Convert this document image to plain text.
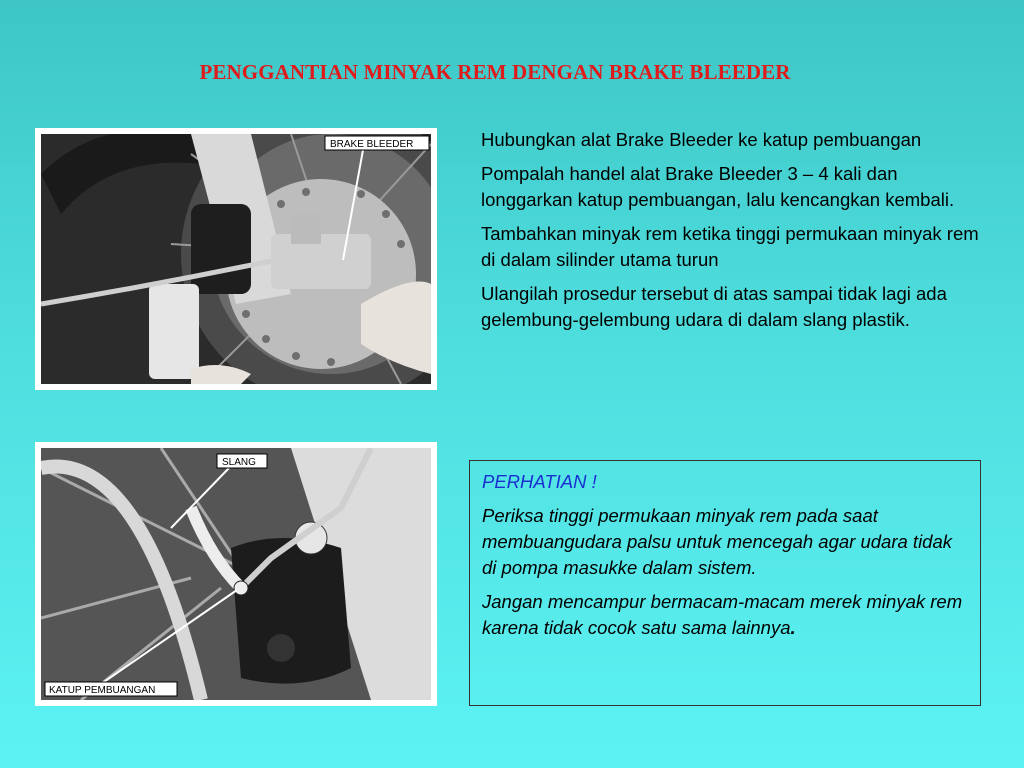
PENGGANTIAN MINYAK REM DENGAN BRAKE BLEEDER
BRAKE BLEEDER
SLANG
KATUP PEMBUANGAN

Hubungkan alat Brake Bleeder ke katup pembuangan

Pompalah handel alat Brake Bleeder 3 – 4 kali dan longgarkan katup pembuangan, lalu kencangkan kembali.

Tambahkan minyak rem ketika tinggi permukaan minyak rem di dalam silinder utama turun

Ulangilah prosedur tersebut di atas sampai tidak lagi ada gelembung-gelembung udara di dalam slang plastik.

PERHATIAN !

Periksa tinggi permukaan minyak rem pada saat membuangudara palsu untuk mencegah agar udara tidak di pompa masukke dalam sistem.

Jangan mencampur bermacam-macam merek minyak rem karena tidak cocok satu sama lainnya.
